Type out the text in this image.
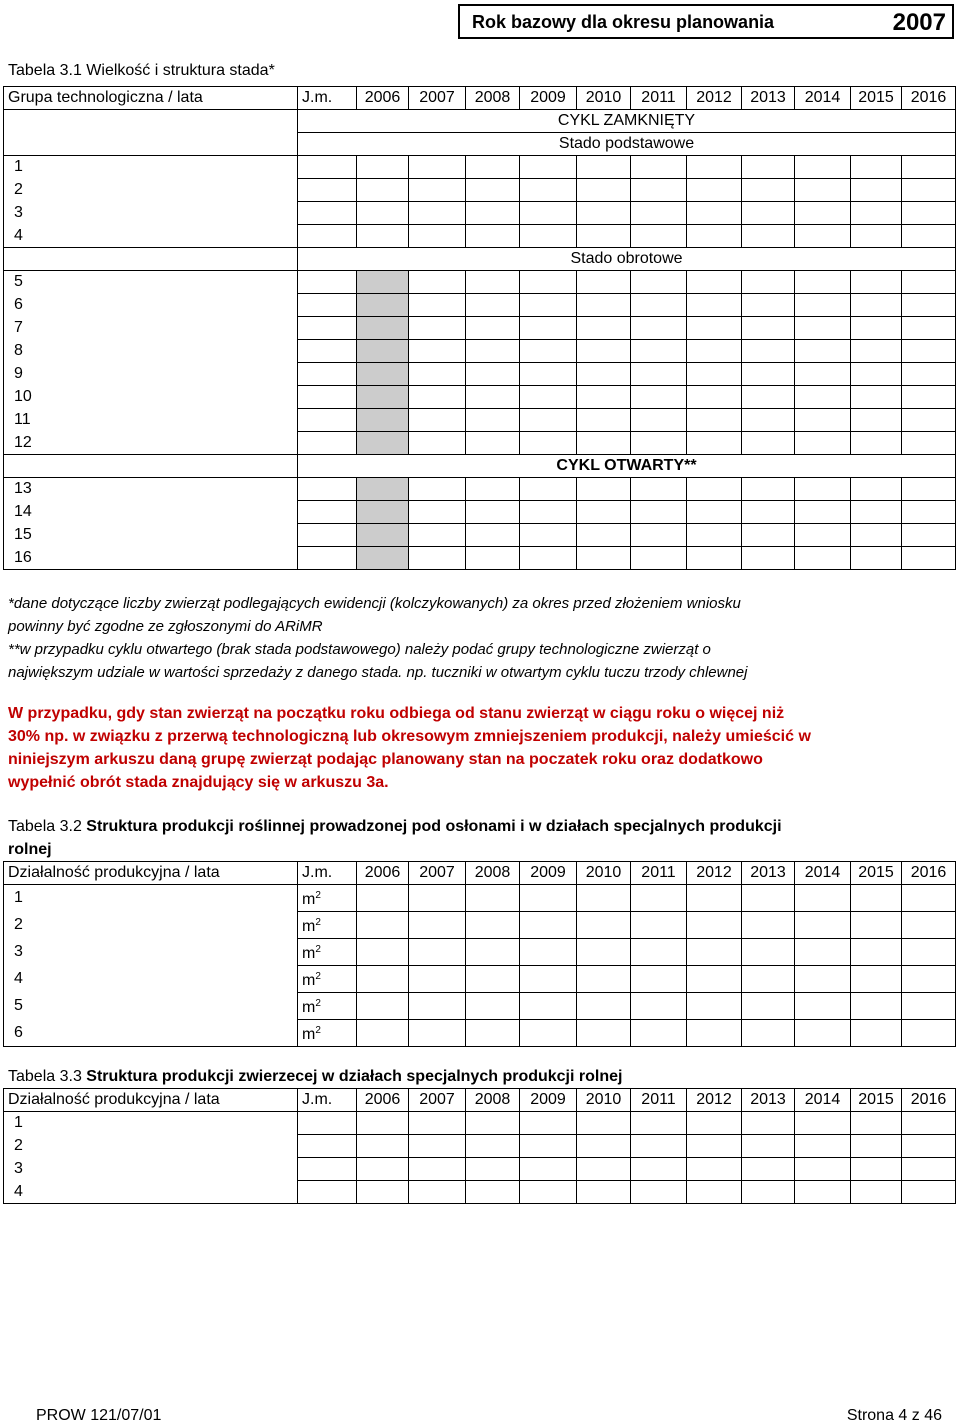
Rok bazowy dla okresu planowania	2007
Tabela 3.1 Wielkość i struktura stada*
Grupa technologiczna / lata	J.m.	2006	2007	2008	2009	2010	2011	2012	2013	2014	2015	2016
	CYKL ZAMKNIĘTY											
	Stado podstawowe											
1												
2												
3												
4												
	Stado obrotowe											
5												
6												
7												
8												
9												
10												
11												
12												
	CYKL OTWARTY**											
13												
14												
15												
16												
*dane dotyczące liczby zwierząt podlegających ewidencji (kolczykowanych) za okres przed złożeniem wniosku
powinny być zgodne ze zgłoszonymi do ARiMR
**w przypadku cyklu otwartego (brak stada podstawowego) należy podać grupy technologiczne zwierząt o
największym udziale w wartości sprzedaży z danego stada. np. tuczniki w otwartym cyklu tuczu trzody chlewnej
W przypadku, gdy stan zwierząt na początku roku odbiega od stanu zwierząt w ciągu roku o więcej niż
30% np. w związku z przerwą technologiczną lub okresowym zmniejszeniem produkcji, należy umieścić w
niniejszym arkuszu daną grupę zwierząt podając planowany stan na poczatek roku oraz dodatkowo
wypełnić obrót stada znajdujący się w arkuszu 3a.
Tabela 3.2 Struktura produkcji roślinnej prowadzonej pod osłonami i w działach specjalnych produkcji
rolnej
Działalność produkcyjna / lata	J.m.	2006	2007	2008	2009	2010	2011	2012	2013	2014	2015	2016
1	$m^2$											
2	$m^2$											
3	$m^2$											
4	$m^2$											
5	$m^2$											
6	$m^2$											
Tabela 3.3 Struktura produkcji zwierzecej w działach specjalnych produkcji rolnej
Działalność produkcyjna / lata	J.m.	2006	2007	2008	2009	2010	2011	2012	2013	2014	2015	2016
1												
2												
3												
4												
PROW 121/07/01	Strona 4 z 46
